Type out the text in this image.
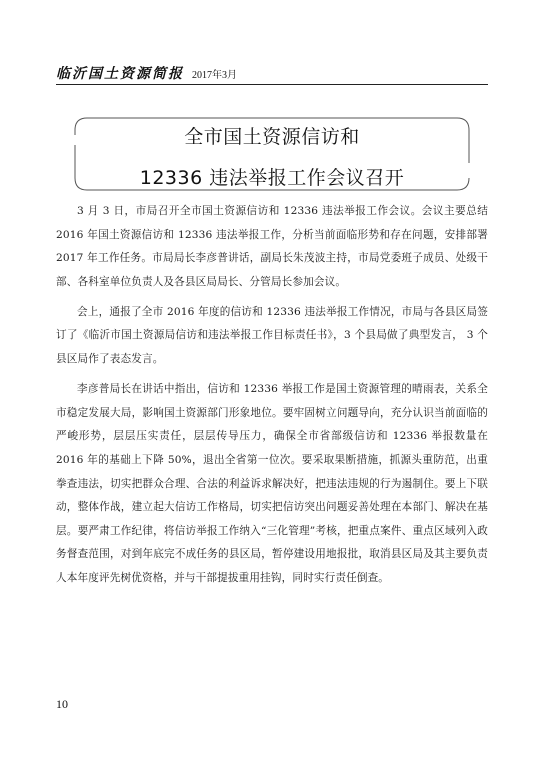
临沂国土资源简报 2017年3月
全市国土资源信访和
12336 违法举报工作会议召开

3 月 3 日，市局召开全市国土资源信访和 12336 违法举报工作会议。会议主要总结 2016 年国土资源信访和 12336 违法举报工作，分析当前面临形势和存在问题，安排部署 2017 年工作任务。市局局长李彦普讲话，副局长朱茂波主持，市局党委班子成员、处级干部、各科室单位负责人及各县区局局长、分管局长参加会议。

会上，通报了全市 2016 年度的信访和 12336 违法举报工作情况，市局与各县区局签订了《临沂市国土资源局信访和违法举报工作目标责任书》，3 个县局做了典型发言， 3 个县区局作了表态发言。

李彦普局长在讲话中指出，信访和 12336 举报工作是国土资源管理的晴雨表，关系全市稳定发展大局，影响国土资源部门形象地位。要牢固树立问题导向，充分认识当前面临的严峻形势，层层压实责任，层层传导压力，确保全市省部级信访和 12336 举报数量在 2016 年的基础上下降 50%，退出全省第一位次。要采取果断措施，抓源头重防范，出重拳查违法，切实把群众合理、合法的利益诉求解决好，把违法违规的行为遏制住。要上下联动，整体作战，建立起大信访工作格局，切实把信访突出问题妥善处理在本部门、解决在基层。要严肃工作纪律，将信访举报工作纳入“三化管理”考核，把重点案件、重点区域列入政务督查范围，对到年底完不成任务的县区局，暂停建设用地报批，取消县区局及其主要负责人本年度评先树优资格，并与干部提拔重用挂钩，同时实行责任倒查。

10
